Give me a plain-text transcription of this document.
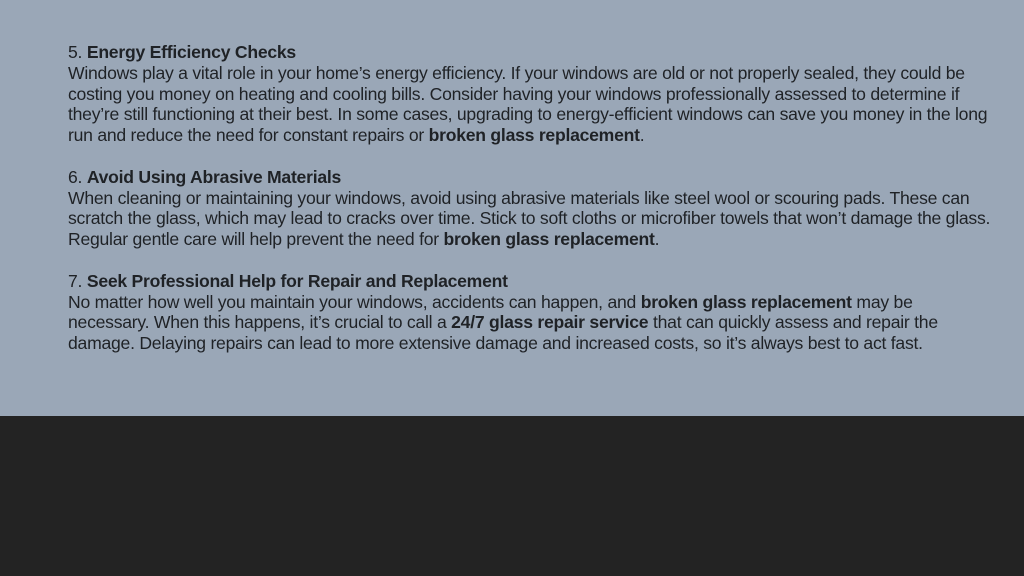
5. Energy Efficiency Checks

Windows play a vital role in your home’s energy efficiency. If your windows are old or not properly sealed, they could be costing you money on heating and cooling bills. Consider having your windows professionally assessed to determine if they’re still functioning at their best. In some cases, upgrading to energy-efficient windows can save you money in the long run and reduce the need for constant repairs or broken glass replacement.

6. Avoid Using Abrasive Materials

When cleaning or maintaining your windows, avoid using abrasive materials like steel wool or scouring pads. These can scratch the glass, which may lead to cracks over time. Stick to soft cloths or microfiber towels that won’t damage the glass. Regular gentle care will help prevent the need for broken glass replacement.

7. Seek Professional Help for Repair and Replacement

No matter how well you maintain your windows, accidents can happen, and broken glass replacement may be necessary. When this happens, it’s crucial to call a 24/7 glass repair service that can quickly assess and repair the damage. Delaying repairs can lead to more extensive damage and increased costs, so it’s always best to act fast.
